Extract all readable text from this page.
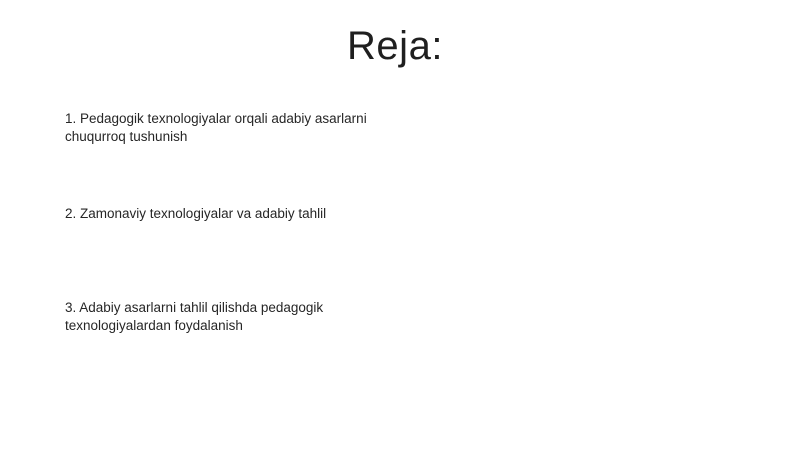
Reja:
1. Pedagogik texnologiyalar orqali adabiy asarlarni chuqurroq tushunish
2. Zamonaviy texnologiyalar va adabiy tahlil
3. Adabiy asarlarni tahlil qilishda pedagogik texnologiyalardan foydalanish
